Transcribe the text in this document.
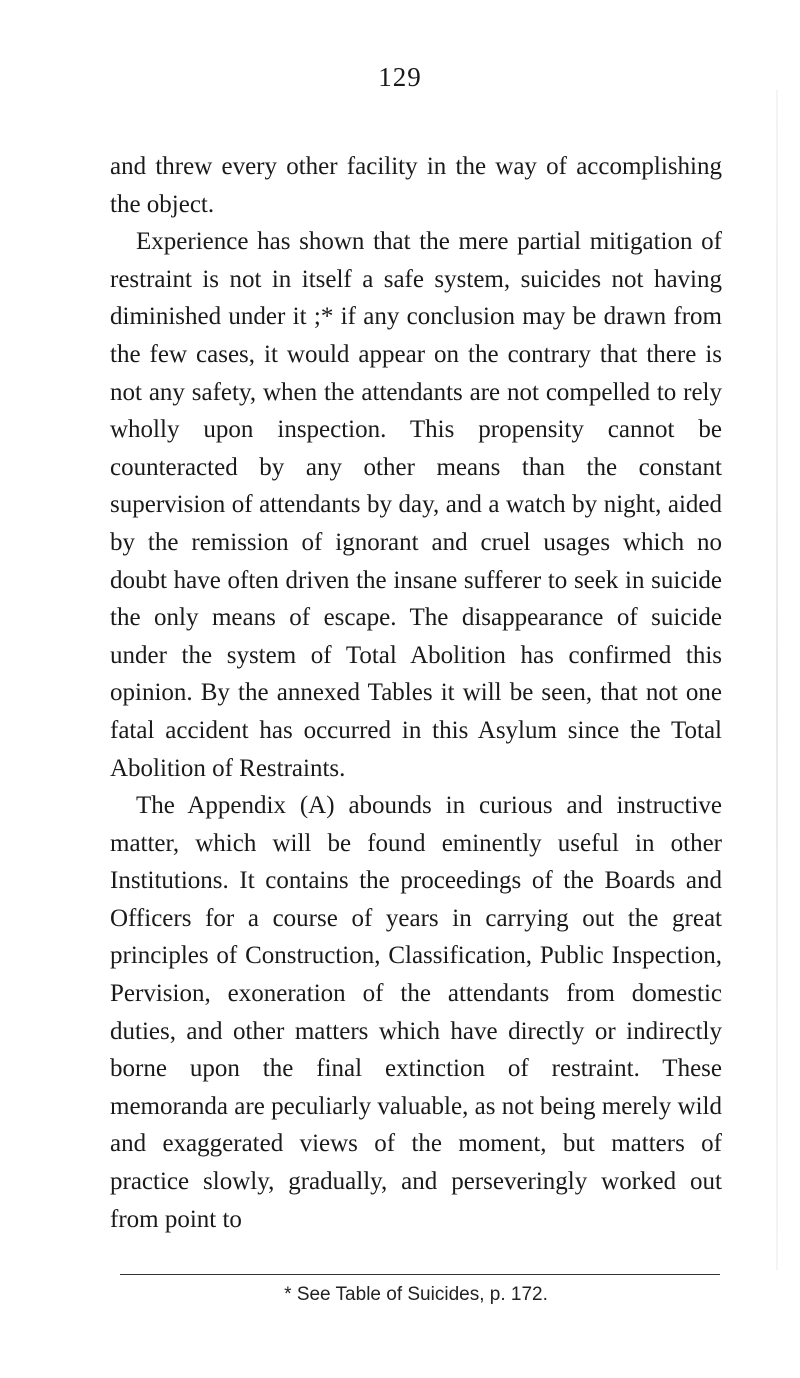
129

and threw every other facility in the way of accomplishing the object.

Experience has shown that the mere partial mitigation of restraint is not in itself a safe system, suicides not having diminished under it ;* if any conclusion may be drawn from the few cases, it would appear on the contrary that there is not any safety, when the attendants are not compelled to rely wholly upon inspection. This propensity cannot be counteracted by any other means than the constant supervision of attendants by day, and a watch by night, aided by the remission of ignorant and cruel usages which no doubt have often driven the insane sufferer to seek in suicide the only means of escape. The disappearance of suicide under the system of Total Abolition has confirmed this opinion. By the annexed Tables it will be seen, that not one fatal accident has occurred in this Asylum since the Total Abolition of Restraints.

The Appendix (A) abounds in curious and instructive matter, which will be found eminently useful in other Institutions. It contains the proceedings of the Boards and Officers for a course of years in carrying out the great principles of Construction, Classification, Public Inspection, Pervision, exoneration of the attendants from domestic duties, and other matters which have directly or indirectly borne upon the final extinction of restraint. These memoranda are peculiarly valuable, as not being merely wild and exaggerated views of the moment, but matters of practice slowly, gradually, and perseveringly worked out from point to

* See Table of Suicides, p. 172.
